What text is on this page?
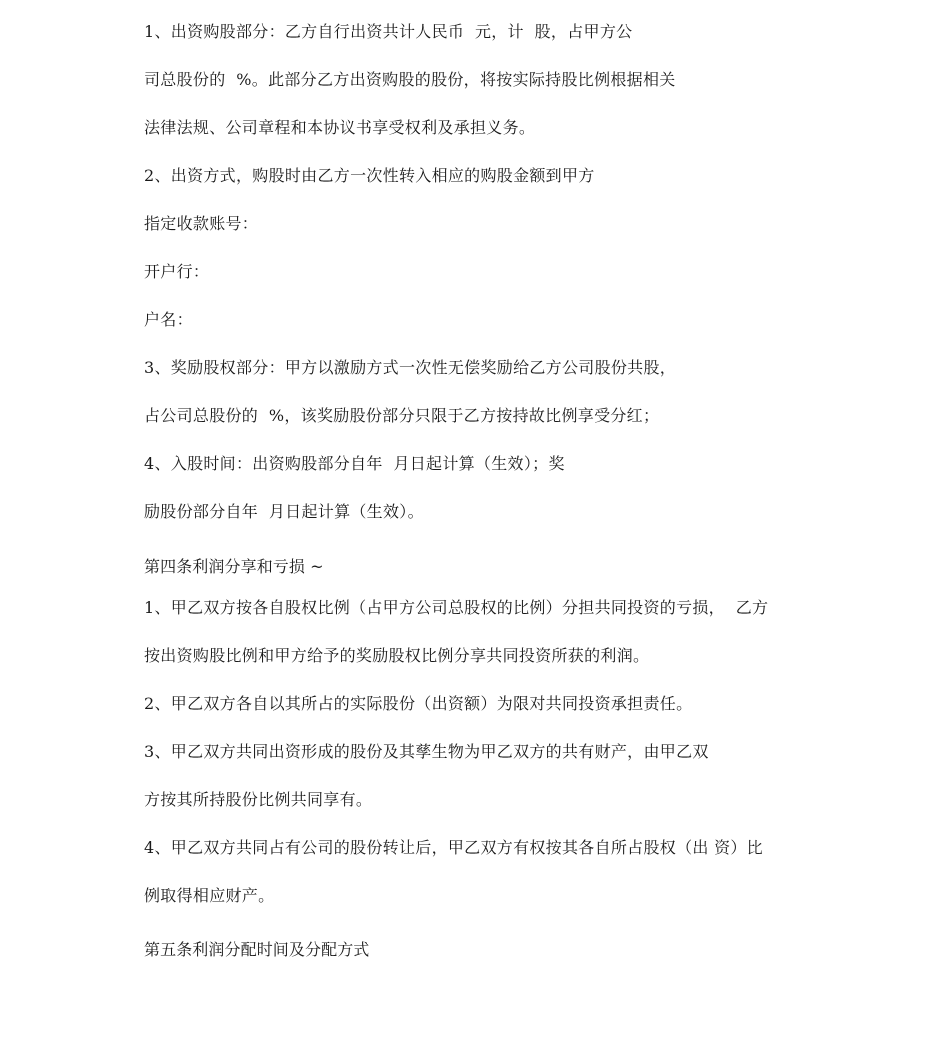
1、出资购股部分：乙方自行出资共计人民币  元，计  股，占甲方公

司总股份的  %。此部分乙方出资购股的股份，将按实际持股比例根据相关

法律法规、公司章程和本协议书享受权利及承担义务。

2、出资方式，购股时由乙方一次性转入相应的购股金额到甲方

指定收款账号：

开户行：

户名：

3、奖励股权部分：甲方以激励方式一次性无偿奖励给乙方公司股份共股，

占公司总股份的  %，该奖励股份部分只限于乙方按持故比例享受分红；

4、入股时间：出资购股部分自年  月日起计算（生效）；奖

励股份部分自年  月日起计算（生效）。

第四条利润分享和亏损 ~

1、甲乙双方按各自股权比例（占甲方公司总股权的比例）分担共同投资的亏损，  乙方

按出资购股比例和甲方给予的奖励股权比例分享共同投资所获的利润。

2、甲乙双方各自以其所占的实际股份（出资额）为限对共同投资承担责任。

3、甲乙双方共同出资形成的股份及其孳生物为甲乙双方的共有财产，由甲乙双

方按其所持股份比例共同享有。

4、甲乙双方共同占有公司的股份转让后，甲乙双方有权按其各自所占股权（出 资）比

例取得相应财产。

第五条利润分配时间及分配方式
